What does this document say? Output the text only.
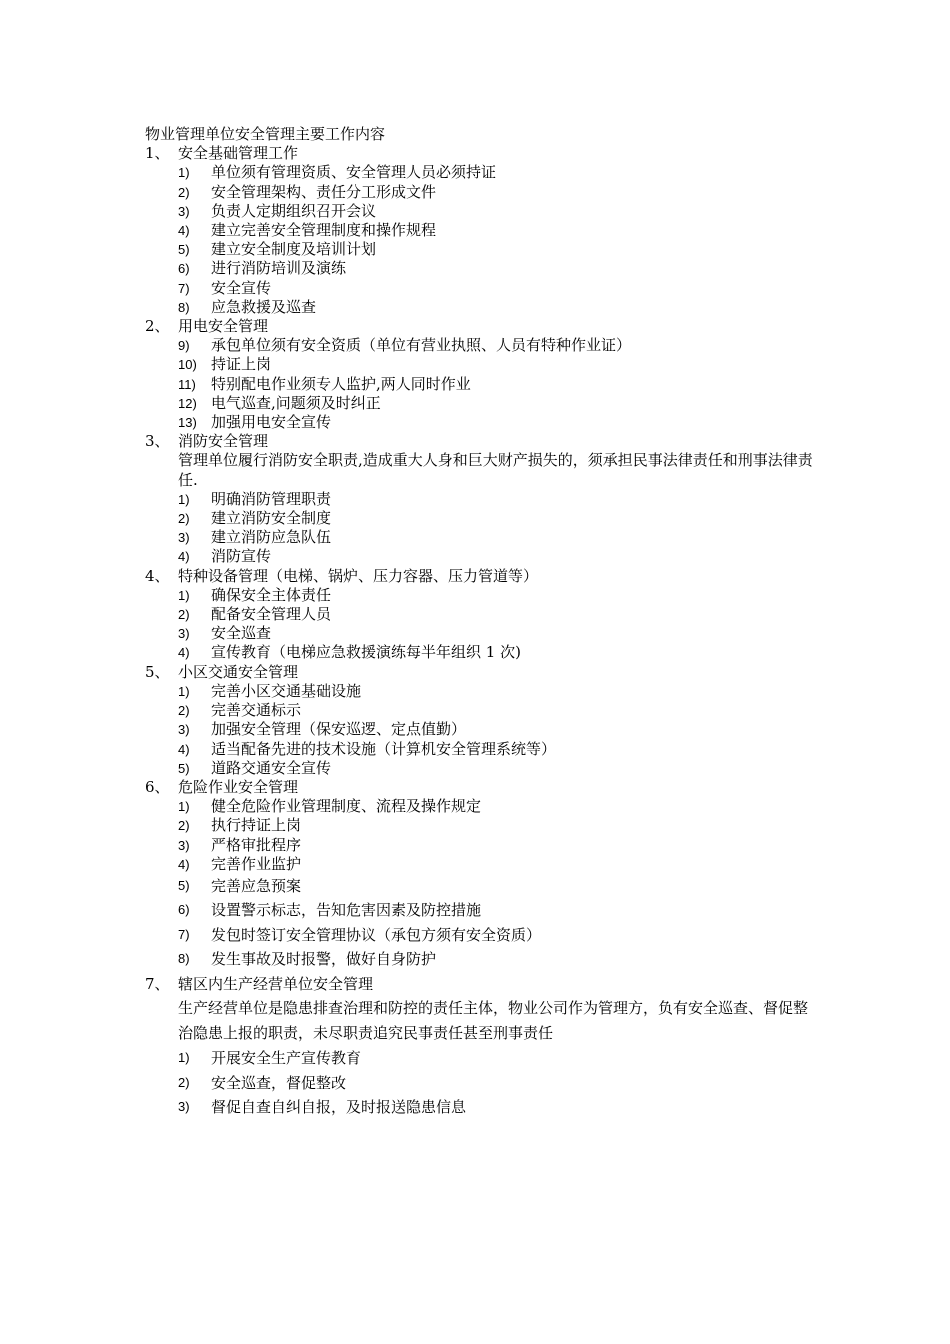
物业管理单位安全管理主要工作内容
1、 安全基础管理工作
1)	单位须有管理资质、安全管理人员必须持证
2)	安全管理架构、责任分工形成文件
3)	负责人定期组织召开会议
4)	建立完善安全管理制度和操作规程
5)	建立安全制度及培训计划
6)	进行消防培训及演练
7)	安全宣传
8)	应急救援及巡查
2、 用电安全管理
9)	承包单位须有安全资质（单位有营业执照、人员有特种作业证）
10) 持证上岗
11)	特别配电作业须专人监护,两人同时作业
12) 电气巡查,问题须及时纠正
13) 加强用电安全宣传
3、 消防安全管理
管理单位履行消防安全职责,造成重大人身和巨大财产损失的，须承担民事法律责任和刑事法律责任.
1)	明确消防管理职责
2)	建立消防安全制度
3)	建立消防应急队伍
4)	消防宣传
4、 特种设备管理（电梯、锅炉、压力容器、压力管道等）
1)	确保安全主体责任
2)	配备安全管理人员
3)	安全巡查
4)	宣传教育（电梯应急救援演练每半年组织 1 次)
5、 小区交通安全管理
1)	完善小区交通基础设施
2)	完善交通标示
3)	加强安全管理（保安巡逻、定点值勤）
4)	适当配备先进的技术设施（计算机安全管理系统等）
5)	道路交通安全宣传
6、 危险作业安全管理
1)	健全危险作业管理制度、流程及操作规定
2)	执行持证上岗
3)	严格审批程序
4)	完善作业监护
5)	完善应急预案
6)	设置警示标志，告知危害因素及防控措施
7)	发包时签订安全管理协议（承包方须有安全资质）
8)	发生事故及时报警，做好自身防护
7、 辖区内生产经营单位安全管理
生产经营单位是隐患排查治理和防控的责任主体，物业公司作为管理方，负有安全巡查、督促整治隐患上报的职责，未尽职责追究民事责任甚至刑事责任
1)	开展安全生产宣传教育
2)	安全巡查，督促整改
3)	督促自查自纠自报，及时报送隐患信息
